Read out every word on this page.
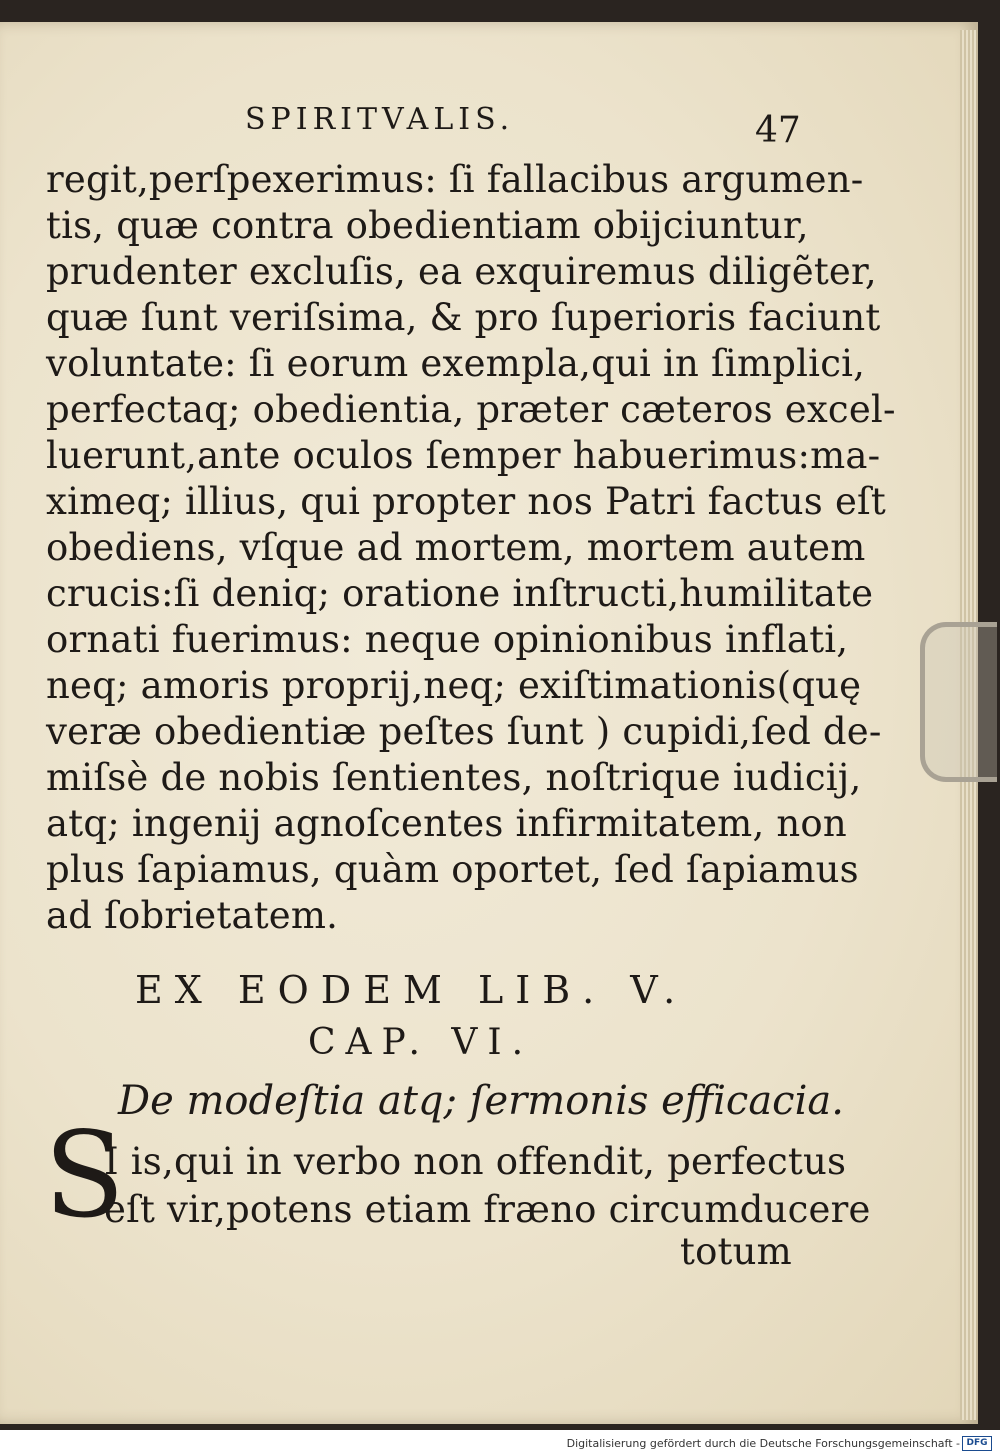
SPIRITVALIS.	47
regit,perſpexerimus: ſi fallacibus argumen-
tis, quæ contra obedientiam obijciuntur,
prudenter excluſis, ea exquiremus diligẽter,
quæ ſunt veriſsima, & pro ſuperioris faciunt
voluntate: ſi eorum exempla,qui in ſimplici,
perfectaq; obedientia, præter cæteros excel-
luerunt,ante oculos ſemper habuerimus:ma-
ximeq; illius, qui propter nos Patri factus eſt
obediens, vſque ad mortem, mortem autem
crucis:ſi deniq; oratione inſtructi,humilitate
ornati fuerimus: neque opinionibus inflati,
neq; amoris proprij,neq; exiſtimationis(quę
veræ obedientiæ peſtes ſunt ) cupidi,ſed de-
miſsè de nobis ſentientes, noſtrique iudicij,
atq; ingenij agnoſcentes infirmitatem, non
plus ſapiamus, quàm oportet, ſed ſapiamus
ad ſobrietatem.
EX EODEM LIB. V.
CAP. VI.
De modeſtia atq; ſermonis efficacia.
S
I is,qui in verbo non offendit, perfectus
eſt vir,potens etiam fræno circumducere
totum
Digitalisierung gefördert durch die Deutsche Forschungsgemeinschaft - DFG
